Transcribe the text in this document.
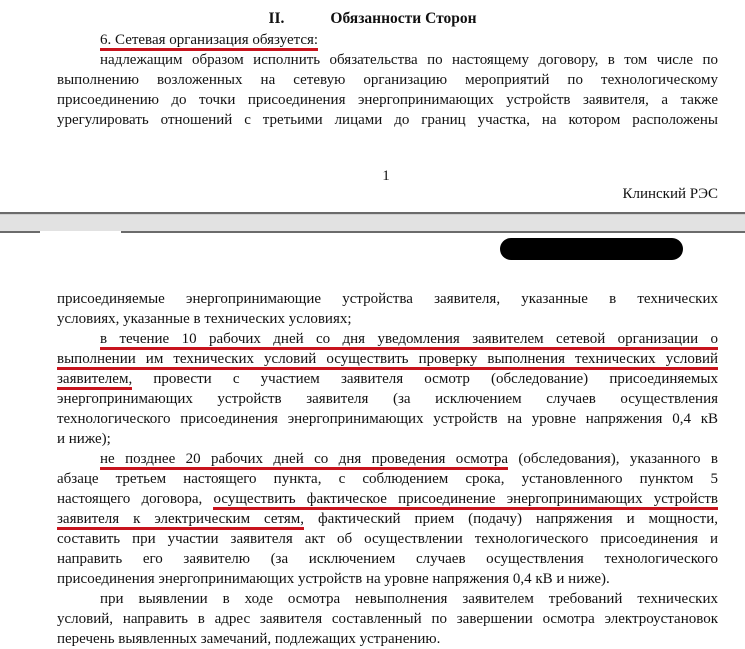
II.	Обязанности Сторон
6. Сетевая организация обязуется:
надлежащим образом исполнить обязательства по настоящему договору, в том числе по
выполнению возложенных на сетевую организацию мероприятий по технологическому
присоединению до точки присоединения энергопринимающих устройств заявителя, а также
урегулировать отношений с третьими лицами до границ участка, на котором расположены
1
Клинский РЭС
присоединяемые энергопринимающие устройства заявителя, указанные в технических
условиях, указанные в технических условиях;
в течение 10 рабочих дней со дня уведомления заявителем сетевой организации о
выполнении им технических условий осуществить проверку выполнения технических условий
заявителем, провести с участием заявителя осмотр (обследование) присоединяемых
энергопринимающих устройств заявителя (за исключением случаев осуществления
технологического присоединения энергопринимающих устройств на уровне напряжения 0,4 кВ
и ниже);
не позднее 20 рабочих дней со дня проведения осмотра (обследования), указанного в
абзаце третьем настоящего пункта, с соблюдением срока, установленного пунктом 5
настоящего договора, осуществить фактическое присоединение энергопринимающих устройств
заявителя к электрическим сетям, фактический прием (подачу) напряжения и мощности,
составить при участии заявителя акт об осуществлении технологического присоединения и
направить его заявителю (за исключением случаев осуществления технологического
присоединения энергопринимающих устройств на уровне напряжения 0,4 кВ и ниже).
при выявлении в ходе осмотра невыполнения заявителем требований технических
условий, направить в адрес заявителя составленный по завершении осмотра электроустановок
перечень выявленных замечаний, подлежащих устранению.
